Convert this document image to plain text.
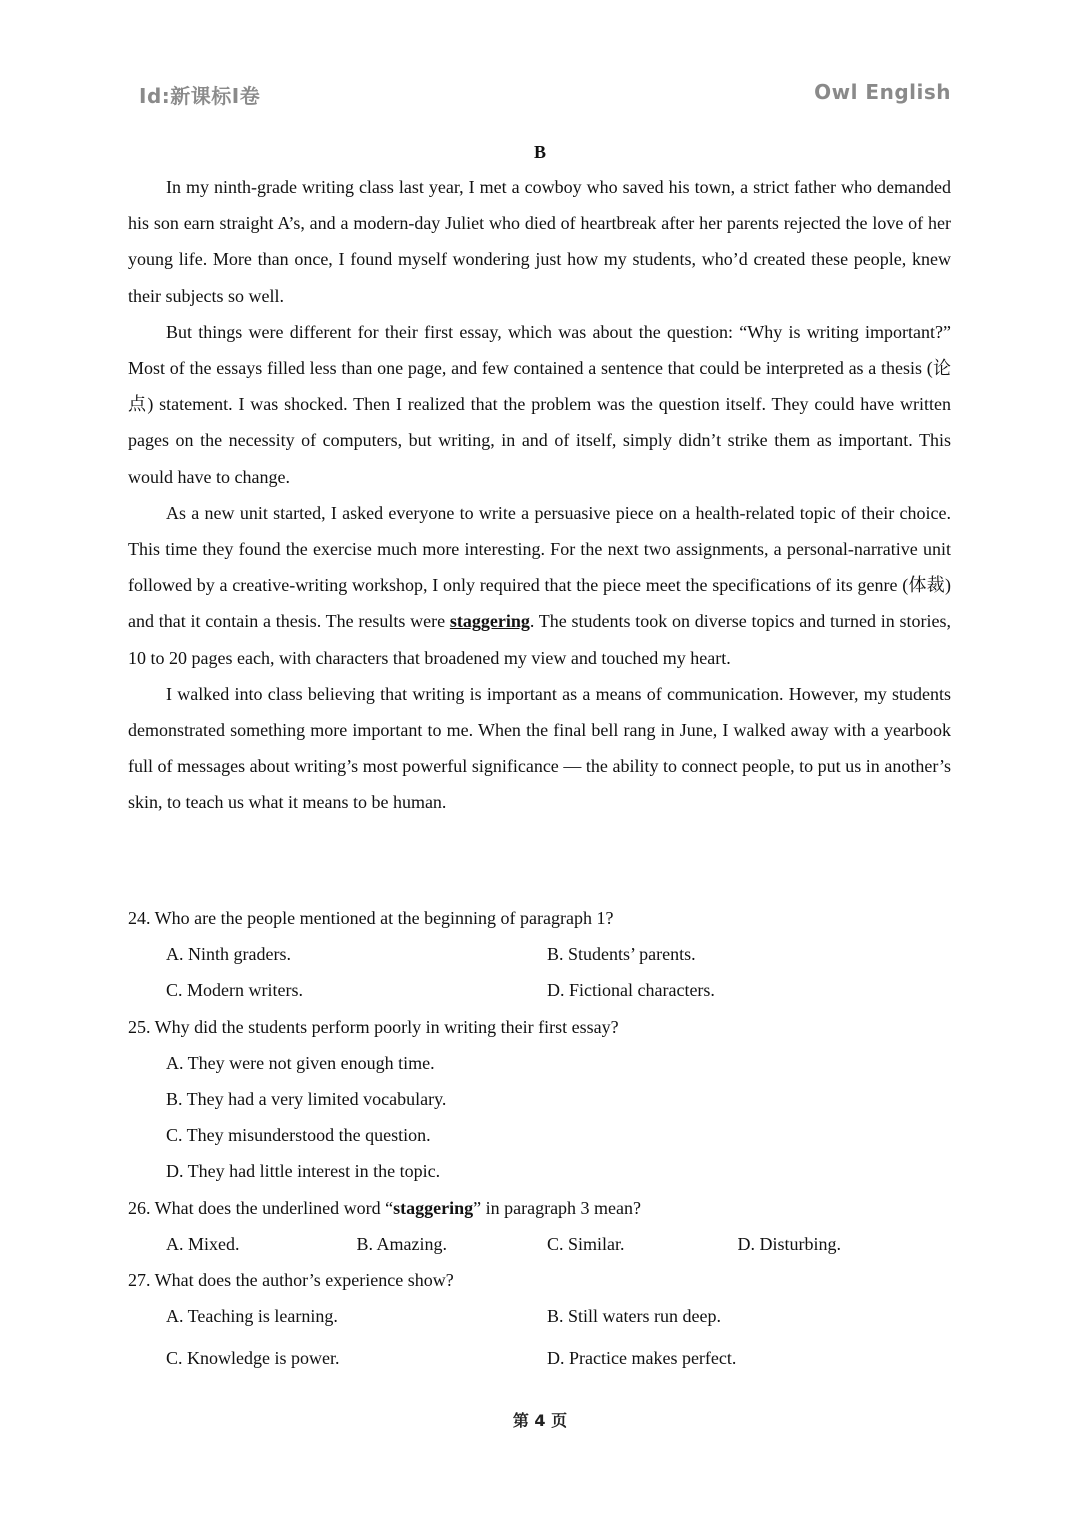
Id:新课标I卷	Owl English
B

In my ninth-grade writing class last year, I met a cowboy who saved his town, a strict father who demanded his son earn straight A’s, and a modern-day Juliet who died of heartbreak after her parents rejected the love of her young life. More than once, I found myself wondering just how my students, who’d created these people, knew their subjects so well.

But things were different for their first essay, which was about the question: “Why is writing important?” Most of the essays filled less than one page, and few contained a sentence that could be interpreted as a thesis (论点) statement. I was shocked. Then I realized that the problem was the question itself. They could have written pages on the necessity of computers, but writing, in and of itself, simply didn’t strike them as important. This would have to change.

As a new unit started, I asked everyone to write a persuasive piece on a health-related topic of their choice. This time they found the exercise much more interesting. For the next two assignments, a personal-narrative unit followed by a creative-writing workshop, I only required that the piece meet the specifications of its genre (体裁) and that it contain a thesis. The results were staggering. The students took on diverse topics and turned in stories, 10 to 20 pages each, with characters that broadened my view and touched my heart.

I walked into class believing that writing is important as a means of communication. However, my students demonstrated something more important to me. When the final bell rang in June, I walked away with a yearbook full of messages about writing’s most powerful significance — the ability to connect people, to put us in another’s skin, to teach us what it means to be human.

24. Who are the people mentioned at the beginning of paragraph 1?

A. Ninth graders.	B. Students’ parents.
C. Modern writers.	D. Fictional characters.

25. Why did the students perform poorly in writing their first essay?

A. They were not given enough time.
B. They had a very limited vocabulary.
C. They misunderstood the question.
D. They had little interest in the topic.

26. What does the underlined word “staggering” in paragraph 3 mean?

A. Mixed.	B. Amazing.	C. Similar.	D. Disturbing.

27. What does the author’s experience show?

A. Teaching is learning.	B. Still waters run deep.
C. Knowledge is power.	D. Practice makes perfect.
第 4 页
